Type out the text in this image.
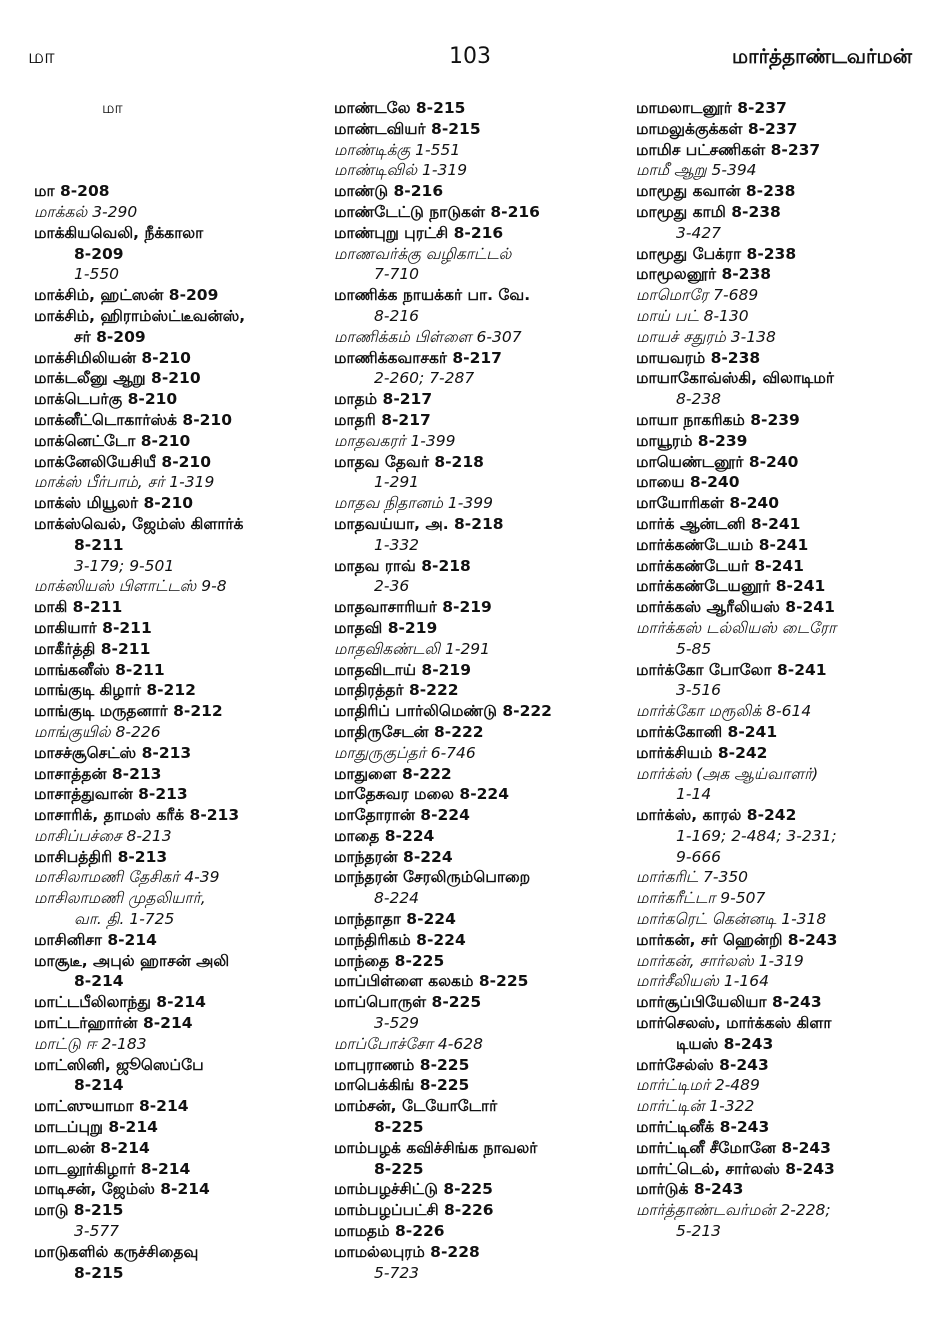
மா	103	மார்த்தாண்டவர்மன்
மா
மா 8-208
மாக்கல் 3-290
மாக்கியவெலி, நீக்காலா
8-209
1-550
மாக்சிம், ஹட்ஸன் 8-209
மாக்சிம், ஹிராம்ஸ்ட்டீவன்ஸ்,
சர் 8-209
மாக்சிமிலியன் 8-210
மாக்டலீனு ஆறு 8-210
மாக்டெபர்கு 8-210
மாக்னீட்டொகார்ஸ்க் 8-210
மாக்னெட்டோ 8-210
மாக்னேலியேசியீ 8-210
மாக்ஸ் பீர்பாம், சர் 1-319
மாக்ஸ் மியூலர் 8-210
மாக்ஸ்வெல், ஜேம்ஸ் கிளார்க்
8-211
3-179; 9-501
மாக்ஸியஸ் பிளாட்டஸ் 9-8
மாகி 8-211
மாகியார் 8-211
மாகீர்த்தி 8-211
மாங்கனீஸ் 8-211
மாங்குடி கிழார் 8-212
மாங்குடி மருதனார் 8-212
மாங்குயில் 8-226
மாசச்சூசெட்ஸ் 8-213
மாசாத்தன் 8-213
மாசாத்துவான் 8-213
மாசாரிக், தாமஸ் கரீக் 8-213
மாசிப்பச்சை 8-213
மாசிபத்திரி 8-213
மாசிலாமணி தேசிகர் 4-39
மாசிலாமணி முதலியார்,
வா. தி. 1-725
மாசினிசா 8-214
மாசூடீ, அபுல் ஹாசன் அலி
8-214
மாட்டபீலிலாந்து 8-214
மாட்டர்ஹார்ன் 8-214
மாட்டு ஈ 2-183
மாட்ஸினி, ஜூஸெப்பே
8-214
மாட்ஸுயாமா 8-214
மாடப்புறு 8-214
மாடலன் 8-214
மாடலூர்கிழார் 8-214
மாடிசன், ஜேம்ஸ் 8-214
மாடு 8-215
3-577
மாடுகளில் கருச்சிதைவு
8-215
மாண்டலே 8-215
மாண்டவியர் 8-215
மாண்டிக்கு 1-551
மாண்டிவில் 1-319
மாண்டு 8-216
மாண்டேட்டு நாடுகள் 8-216
மாண்புறு புரட்சி 8-216
மாணவர்க்கு வழிகாட்டல்
7-710
மாணிக்க நாயக்கர் பா. வே.
8-216
மாணிக்கம் பிள்ளை 6-307
மாணிக்கவாசகர் 8-217
2-260; 7-287
மாதம் 8-217
மாதரி 8-217
மாதவகரர் 1-399
மாதவ தேவர் 8-218
1-291
மாதவ நிதானம் 1-399
மாதவய்யா, அ. 8-218
1-332
மாதவ ராவ் 8-218
2-36
மாதவாசாரியர் 8-219
மாதவி 8-219
மாதவிகண்டலி 1-291
மாதவிடாய் 8-219
மாதிரத்தர் 8-222
மாதிரிப் பார்லிமெண்டு 8-222
மாதிருசேடன் 8-222
மாதுருகுப்தர் 6-746
மாதுளை 8-222
மாதேசுவர மலை 8-224
மாதோரான் 8-224
மாதை 8-224
மாந்தரன் 8-224
மாந்தரன் சேரலிரும்பொறை
8-224
மாந்தாதா 8-224
மாந்திரிகம் 8-224
மாந்தை 8-225
மாப்பிள்ளை கலகம் 8-225
மாப்பொருள் 8-225
3-529
மாப்போச்சோ 4-628
மாபுராணம் 8-225
மாபெக்கிங் 8-225
மாம்சன், டேயோடோர்
8-225
மாம்பழக் கவிச்சிங்க நாவலர்
8-225
மாம்பழச்சிட்டு 8-225
மாம்பழப்பட்சி 8-226
மாமதம் 8-226
மாமல்லபுரம் 8-228
5-723
மாமலாடனூர் 8-237
மாமலுக்குக்கள் 8-237
மாமிச பட்சணிகள் 8-237
மாமீ ஆறு 5-394
மாமூது கவான் 8-238
மாமூது காமி 8-238
3-427
மாமூது பேக்ரா 8-238
மாமூலனூர் 8-238
மாமொரே 7-689
மாய் பட் 8-130
மாயச் சதுரம் 3-138
மாயவரம் 8-238
மாயாகோவ்ஸ்கி, விலாடிமர்
8-238
மாயா நாகரிகம் 8-239
மாயூரம் 8-239
மாயெண்டனூர் 8-240
மாயை 8-240
மாயோரிகள் 8-240
மார்க் ஆன்டனி 8-241
மார்க்கண்டேயம் 8-241
மார்க்கண்டேயர் 8-241
மார்க்கண்டேயனூர் 8-241
மார்க்கஸ் ஆரீலியஸ் 8-241
மார்க்கஸ் டல்லியஸ் டைரோ
5-85
மார்க்கோ போலோ 8-241
3-516
மார்க்கோ மரூலிக் 8-614
மார்க்கோனி 8-241
மார்க்சியம் 8-242
மார்க்ஸ் (அக ஆய்வாளர்)
1-14
மார்க்ஸ், காரல் 8-242
1-169; 2-484; 3-231;
9-666
மார்கரிட் 7-350
மார்கரீட்டா 9-507
மார்கரெட் கென்னடி 1-318
மார்கன், சர் ஹென்றி 8-243
மார்கன், சார்லஸ் 1-319
மார்சீலியஸ் 1-164
மார்சூப்பியேலியா 8-243
மார்செலஸ், மார்க்கஸ் கிளா
டியஸ் 8-243
மார்சேல்ஸ் 8-243
மார்ட்டிமர் 2-489
மார்ட்டின் 1-322
மார்ட்டினீக் 8-243
மார்ட்டினீ சீமோனே 8-243
மார்ட்டெல், சார்லஸ் 8-243
மார்டுக் 8-243
மார்த்தாண்டவர்மன் 2-228;
5-213
